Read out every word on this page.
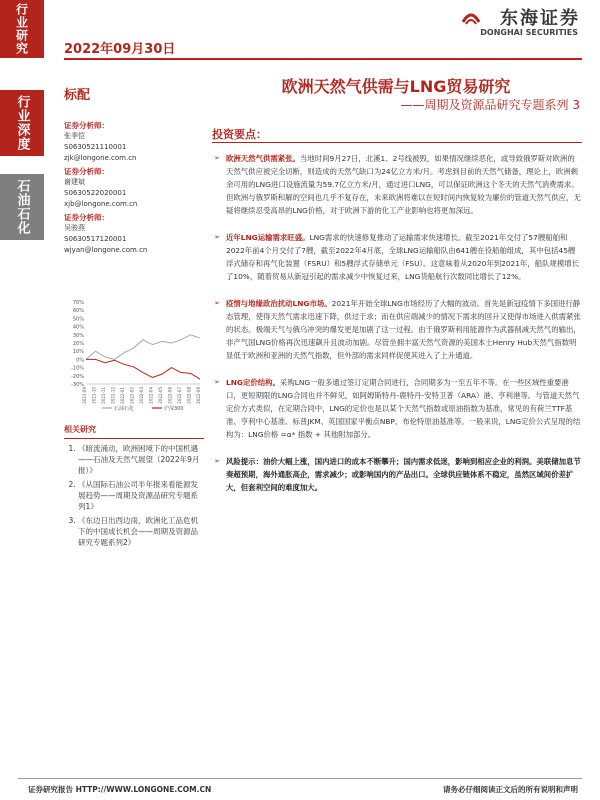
行业研究
行业深度
石油石化
2022年09月30日
东海证券
DONGHAI SECURITIES
标配	欧洲天然气供需与LNG贸易研究
——周期及资源品研究专题系列 3
证券分析师：
张季恺
S0630521110001
zjk@longone.com.cn
证券分析师：
谢建斌
S0630522020001
xjb@longone.com.cn
证券分析师：
吴骏燕
S0630517120001
wjyan@longone.com.cn
70%
60%
50%
40%
30%
20%
10%
0%
-10%
-20%
-30%
2021-09 2021-10 2021-11 2021-12 2022-01 2022-02 2022-03 2022-04 2022-05 2022-06 2022-07 2022-08 2022-09
石油石化	沪深300
相关研究
1. 《暗流涌动，欧洲困境下的中国机遇——石油及天然气展望（2022年9月报）》
2. 《从国际石油公司半年报来看能源发展趋势——周期及资源品研究专题系列1》
3. 《东边日出西边雨，欧洲化工品危机下的中国成长机会——周期及资源品研究专题系列2》
投资要点：
➢ 欧洲天然气供需紧张。当地时间9月27日，北溪1、2号线被毁，如果情况继续恶化，或导致俄罗斯对欧洲的天然气供应被完全切断，则造成的天然气缺口为24亿立方米/月。考虑到目前的天然气储备，理论上，欧洲剩余可用的LNG进口设施流量为59.7亿立方米/月，通过进口LNG，可以保证欧洲这个冬天的天然气消费需求。但欧洲与俄罗斯和解的空间也几乎不复存在，未来欧洲将难以在短时间内恢复较为廉价的管道天然气供应，无疑将继续忍受高昂的LNG价格，对于欧洲下游的化工产业影响也将更加深远。
➢ 近年LNG运输需求旺盛。LNG需求的快速修复推动了运输需求快速增长。截至2021年交付了57艘船舶和2022年前4个月交付了7艘，截至2022年4月底，全球LNG运输船队由641艘在役船舶组成，其中包括45艘浮式储存和再气化装置（FSRU）和5艘浮式存储单元（FSU）。这意味着从2020年到2021年，船队规模增长了10%，随着贸易从新冠引起的需求减少中恢复过来，LNG货船航行次数同比增长了12%。
➢ 疫情与地缘政治扰动LNG市场。2021年开始全球LNG市场经历了大幅的波动。首先是新冠疫情下多国进行静态管理，使得天然气需求迅速下降，供过于求；而在供应端减少的情况下需求的回升又使得市场进入供需紧张的状态。极端天气与俄乌冲突的爆发更是加剧了这一过程。由于俄罗斯利用能源作为武器削减天然气的输出，非产气国LNG价格再次迅速飙升且波动加剧。尽管坐拥丰富天然气资源的美国本土Henry Hub天然气指数明显低于欧洲和亚洲的天然气指数，但外部的需求同样促使其进入了上升通道。
➢ LNG定价结构。采购LNG一般多通过签订定期合同进行，合同期多为一至五年不等。在一些区域性重要港口，更短期限的LNG合同也并不鲜见，如阿姆斯特丹-鹿特丹-安特卫普（ARA）港、亨利港等。与管道天然气定价方式类似，在定期合同中，LNG的定价也是以某个天然气指数或原油指数为基准，常见的有荷兰TTF基准、亨利中心基准、标普JKM、英国国家平衡点NBP、布伦特原油基准等。一般来说，LNG定价公式呈现的结构为：LNG价格 =α* 指数 + 其他附加部分。
➢ 风险提示：油价大幅上涨，国内进口的成本不断攀升；国内需求低迷，影响到相应企业的利润。美联储加息节奏超预期，海外通胀高企，需求减少；或影响国内的产品出口。全球供应链体系不稳定，虽然区域间价差扩大，但套利空间的难度加大。
证券研究报告 HTTP://WWW.LONGONE.COM.CN	请务必仔细阅读正文后的所有说明和声明
